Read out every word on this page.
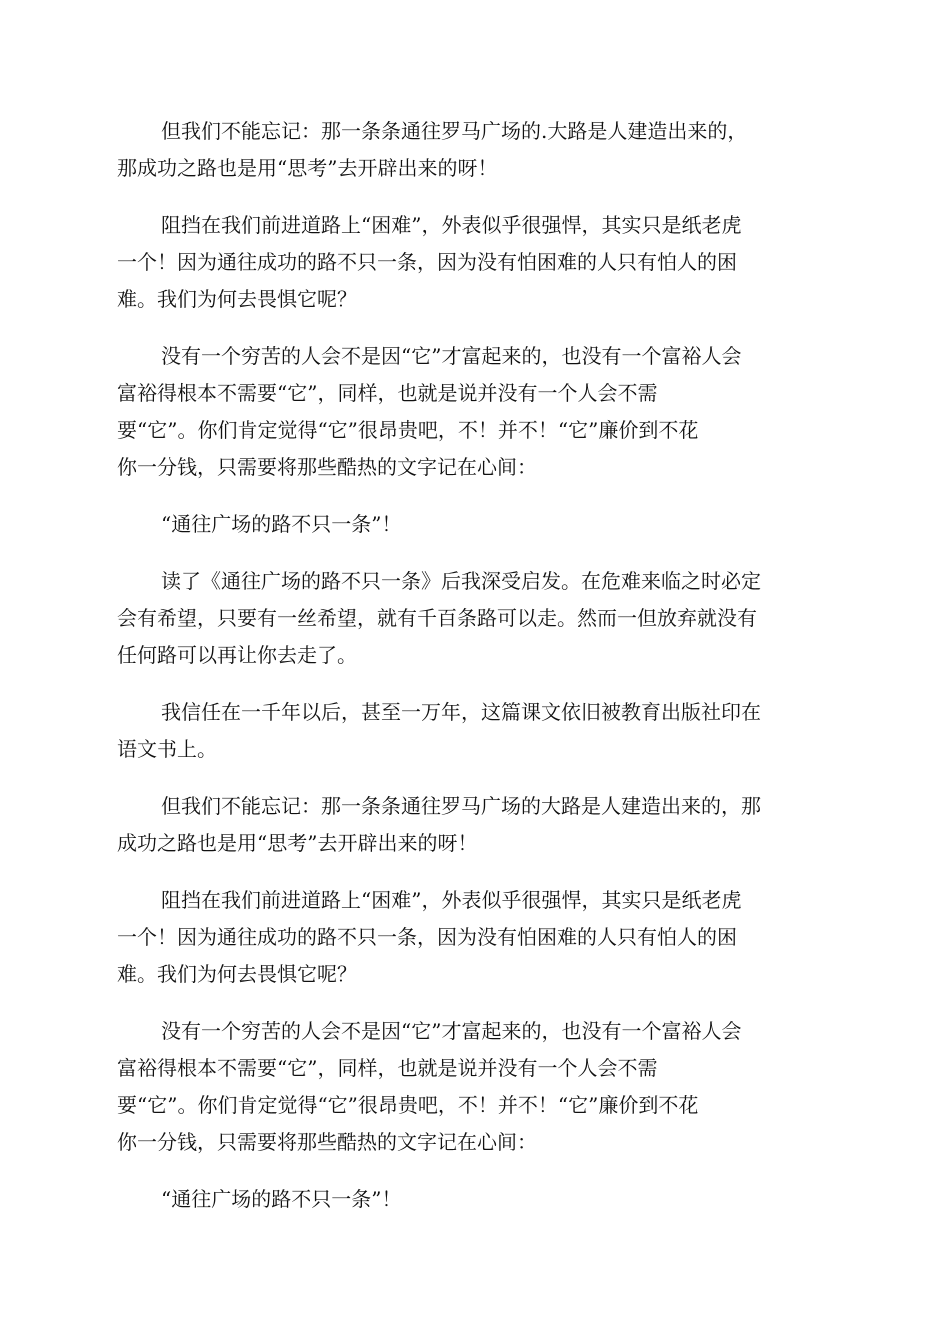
但我们不能忘记：那一条条通往罗马广场的.大路是人建造出来的，
那成功之路也是用“思考”去开辟出来的呀！

阻挡在我们前进道路上“困难”，外表似乎很强悍，其实只是纸老虎
一个！因为通往成功的路不只一条，因为没有怕困难的人只有怕人的困
难。我们为何去畏惧它呢？

没有一个穷苦的人会不是因“它”才富起来的，也没有一个富裕人会
富裕得根本不需要“它”，同样，也就是说并没有一个人会不需
要“它”。你们肯定觉得“它”很昂贵吧，不！并不！“它”廉价到不花
你一分钱，只需要将那些酷热的文字记在心间：

“通往广场的路不只一条”！

读了《通往广场的路不只一条》后我深受启发。在危难来临之时必定
会有希望，只要有一丝希望，就有千百条路可以走。然而一但放弃就没有
任何路可以再让你去走了。

我信任在一千年以后，甚至一万年，这篇课文依旧被教育出版社印在
语文书上。

但我们不能忘记：那一条条通往罗马广场的大路是人建造出来的，那
成功之路也是用“思考”去开辟出来的呀！

阻挡在我们前进道路上“困难”，外表似乎很强悍，其实只是纸老虎
一个！因为通往成功的路不只一条，因为没有怕困难的人只有怕人的困
难。我们为何去畏惧它呢？

没有一个穷苦的人会不是因“它”才富起来的，也没有一个富裕人会
富裕得根本不需要“它”，同样，也就是说并没有一个人会不需
要“它”。你们肯定觉得“它”很昂贵吧，不！并不！“它”廉价到不花
你一分钱，只需要将那些酷热的文字记在心间：

“通往广场的路不只一条”！
